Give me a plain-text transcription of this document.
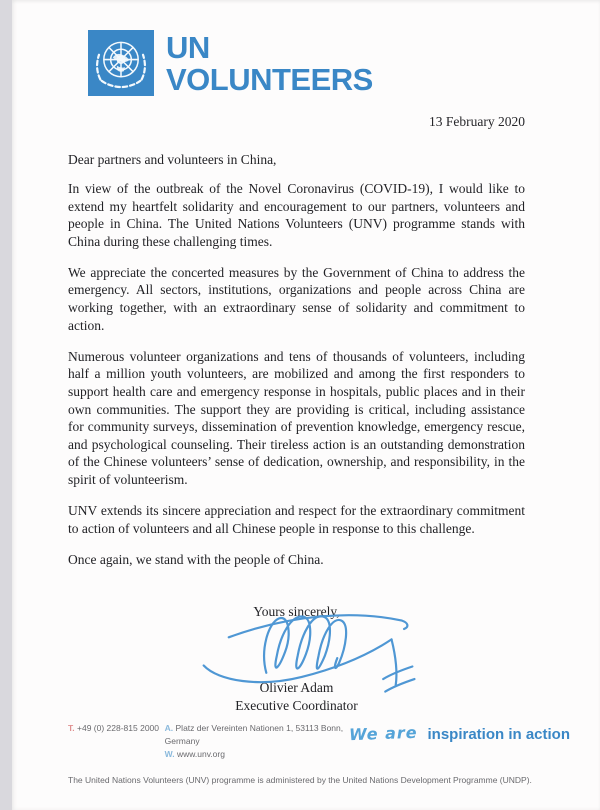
UN
VOLUNTEERS
13 February 2020
Dear partners and volunteers in China,

In view of the outbreak of the Novel Coronavirus (COVID-19), I would like to extend my heartfelt solidarity and encouragement to our partners, volunteers and people in China. The United Nations Volunteers (UNV) programme stands with China during these challenging times.

We appreciate the concerted measures by the Government of China to address the emergency. All sectors, institutions, organizations and people across China are working together, with an extraordinary sense of solidarity and commitment to action.

Numerous volunteer organizations and tens of thousands of volunteers, including half a million youth volunteers, are mobilized and among the first responders to support health care and emergency response in hospitals, public places and in their own communities. The support they are providing is critical, including assistance for community surveys, dissemination of prevention knowledge, emergency rescue, and psychological counseling. Their tireless action is an outstanding demonstration of the Chinese volunteers’ sense of dedication, ownership, and responsibility, in the spirit of volunteerism.

UNV extends its sincere appreciation and respect for the extraordinary commitment to action of volunteers and all Chinese people in response to this challenge.

Once again, we stand with the people of China.

Yours sincerely,
Olivier Adam
Executive Coordinator
T. +49 (0) 228-815 2000 A. Platz der Vereinten Nationen 1, 53113 Bonn, Germany
W. www.unv.org
We are inspiration in action
The United Nations Volunteers (UNV) programme is administered by the United Nations Development Programme (UNDP).
